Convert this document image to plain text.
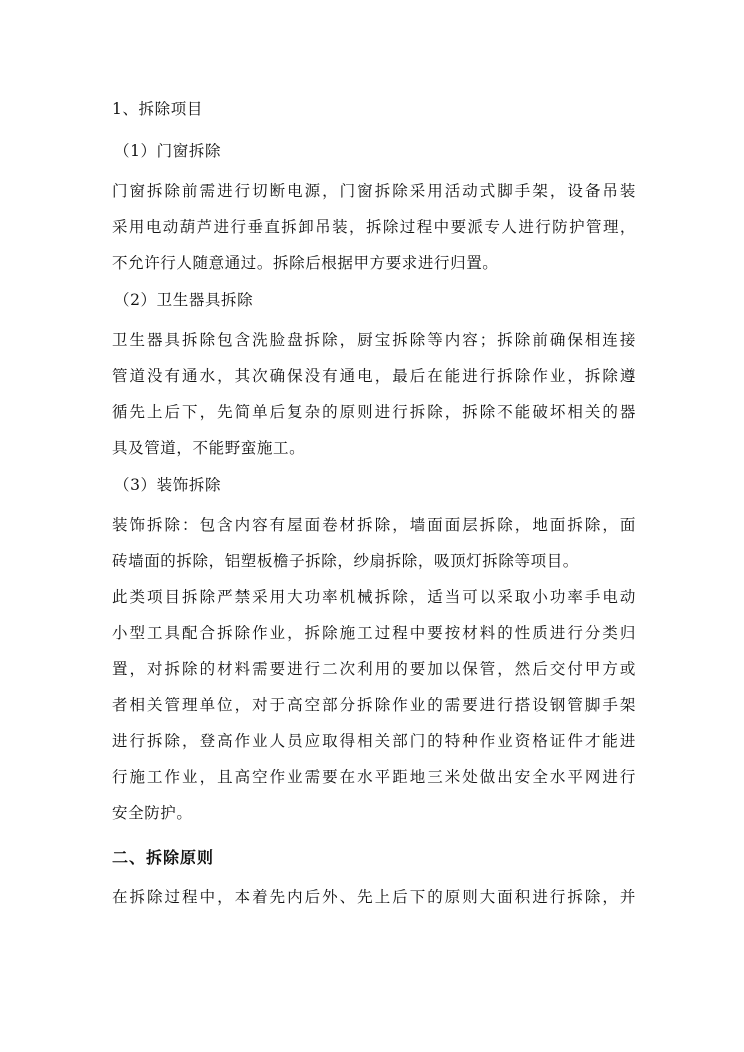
1、拆除项目

（1）门窗拆除

门窗拆除前需进行切断电源，门窗拆除采用活动式脚手架，设备吊装

采用电动葫芦进行垂直拆卸吊装，拆除过程中要派专人进行防护管理，

不允许行人随意通过。拆除后根据甲方要求进行归置。

（2）卫生器具拆除

卫生器具拆除包含洗脸盘拆除，厨宝拆除等内容；拆除前确保相连接

管道没有通水，其次确保没有通电，最后在能进行拆除作业，拆除遵

循先上后下，先简单后复杂的原则进行拆除，拆除不能破坏相关的器

具及管道，不能野蛮施工。

（3）装饰拆除

装饰拆除：包含内容有屋面卷材拆除，墙面面层拆除，地面拆除，面

砖墙面的拆除，铝塑板檐子拆除，纱扇拆除，吸顶灯拆除等项目。

此类项目拆除严禁采用大功率机械拆除，适当可以采取小功率手电动

小型工具配合拆除作业，拆除施工过程中要按材料的性质进行分类归

置，对拆除的材料需要进行二次利用的要加以保管，然后交付甲方或

者相关管理单位，对于高空部分拆除作业的需要进行搭设钢管脚手架

进行拆除，登高作业人员应取得相关部门的特种作业资格证件才能进

行施工作业，且高空作业需要在水平距地三米处做出安全水平网进行

安全防护。

二、拆除原则

在拆除过程中，本着先内后外、先上后下的原则大面积进行拆除，并
